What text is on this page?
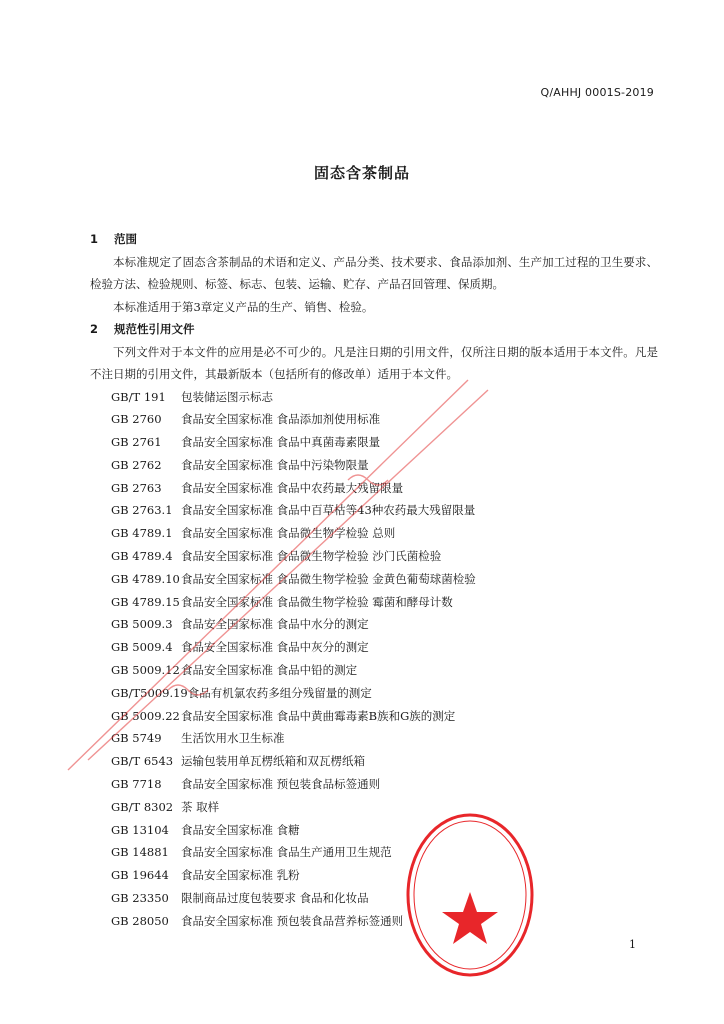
Q/AHHJ 0001S-2019
固态含茶制品
1 范围

本标准规定了固态含茶制品的术语和定义、产品分类、技术要求、食品添加剂、生产加工过程的卫生要求、检验方法、检验规则、标签、标志、包装、运输、贮存、产品召回管理、保质期。

本标准适用于第3章定义产品的生产、销售、检验。

2 规范性引用文件

下列文件对于本文件的应用是必不可少的。凡是注日期的引用文件，仅所注日期的版本适用于本文件。凡是不注日期的引用文件，其最新版本（包括所有的修改单）适用于本文件。

GB/T 191 包装储运图示标志
GB 2760 食品安全国家标准 食品添加剂使用标准
GB 2761 食品安全国家标准 食品中真菌毒素限量
GB 2762 食品安全国家标准 食品中污染物限量
GB 2763 食品安全国家标准 食品中农药最大残留限量
GB 2763.1 食品安全国家标准 食品中百草枯等43种农药最大残留限量
GB 4789.1 食品安全国家标准 食品微生物学检验 总则
GB 4789.4 食品安全国家标准 食品微生物学检验 沙门氏菌检验
GB 4789.10食品安全国家标准 食品微生物学检验 金黄色葡萄球菌检验
GB 4789.15食品安全国家标准 食品微生物学检验 霉菌和酵母计数
GB 5009.3 食品安全国家标准 食品中水分的测定
GB 5009.4 食品安全国家标准 食品中灰分的测定
GB 5009.12食品安全国家标准 食品中铅的测定
GB/T5009.19食品有机氯农药多组分残留量的测定
GB 5009.22食品安全国家标准 食品中黄曲霉毒素B族和G族的测定
GB 5749 生活饮用水卫生标准
GB/T 6543 运输包装用单瓦楞纸箱和双瓦楞纸箱
GB 7718 食品安全国家标准 预包装食品标签通则
GB/T 8302 茶 取样
GB 13104 食品安全国家标准 食糖
GB 14881 食品安全国家标准 食品生产通用卫生规范
GB 19644 食品安全国家标准 乳粉
GB 23350 限制商品过度包装要求 食品和化妆品
GB 28050 食品安全国家标准 预包装食品营养标签通则
1
